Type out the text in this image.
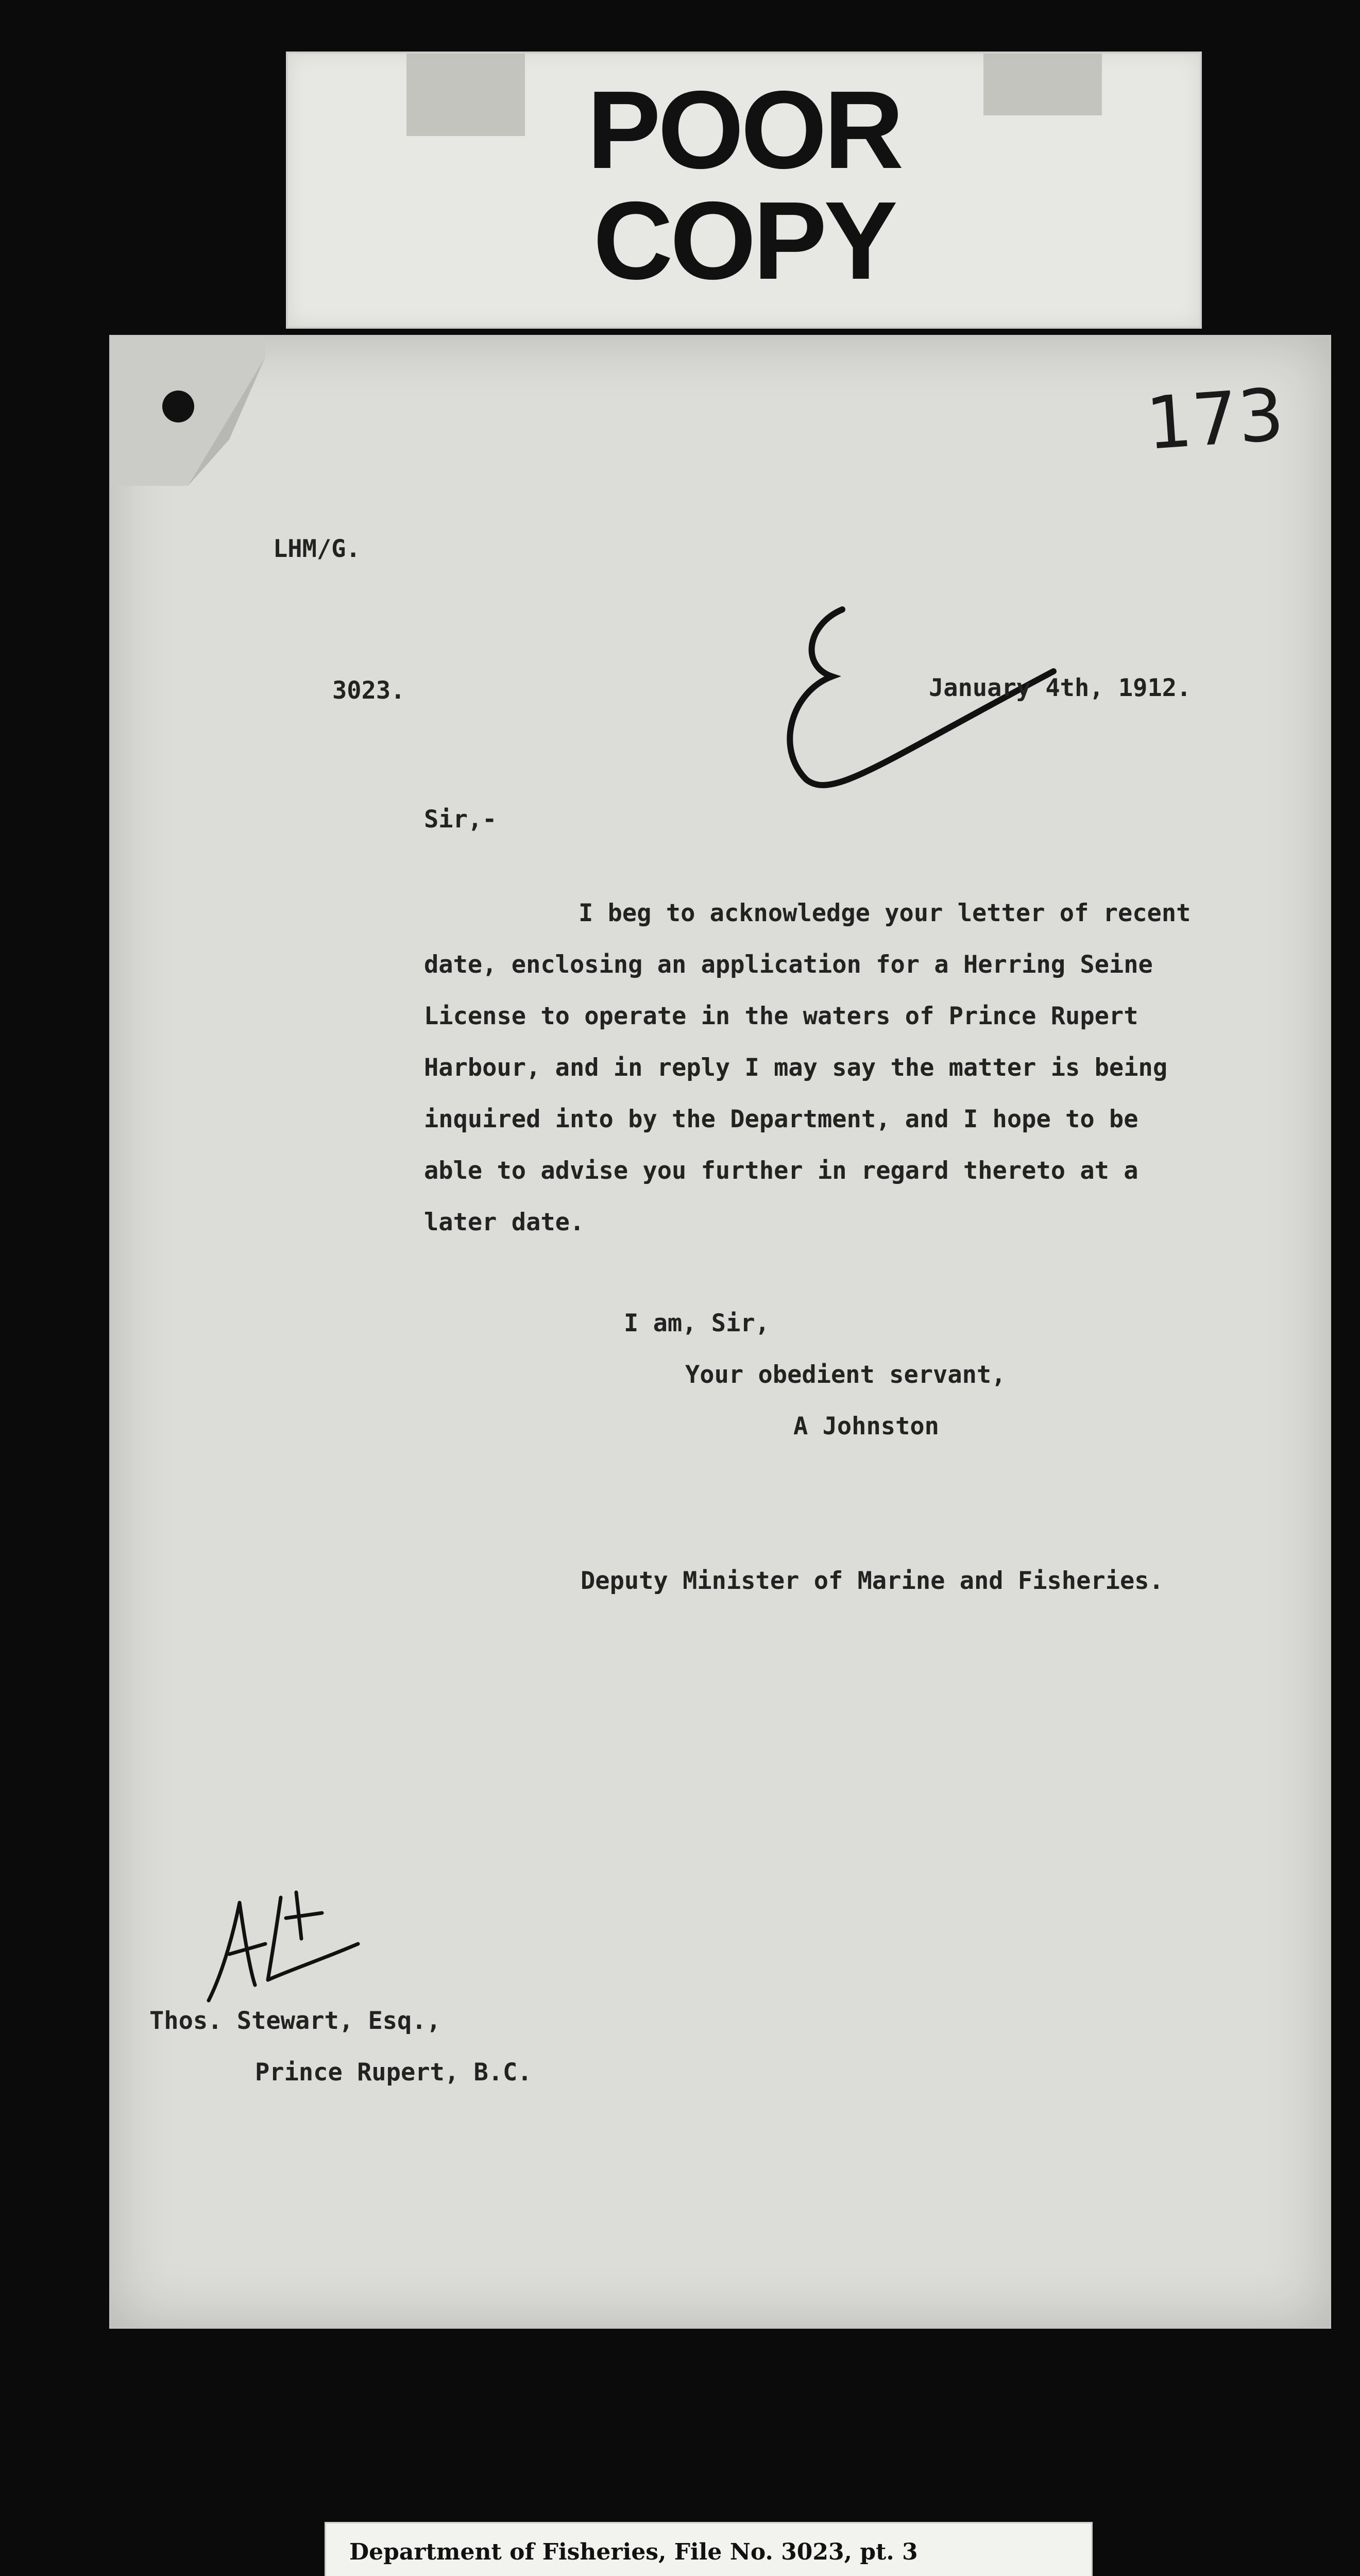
POOR
COPY
173
LHM/G.
3023.	January 4th, 1912.
Sir,-
I beg to acknowledge your letter of recent
date, enclosing an application for a Herring Seine
License to operate in the waters of Prince Rupert
Harbour, and in reply I may say the matter is being
inquired into by the Department, and I hope to be
able to advise you further in regard thereto at a
later date.
I am, Sir,
Your obedient servant,
A Johnston
Deputy Minister of Marine and Fisheries.
Thos. Stewart, Esq.,
Prince Rupert, B.C.
Department of Fisheries, File No. 3023, pt. 3
